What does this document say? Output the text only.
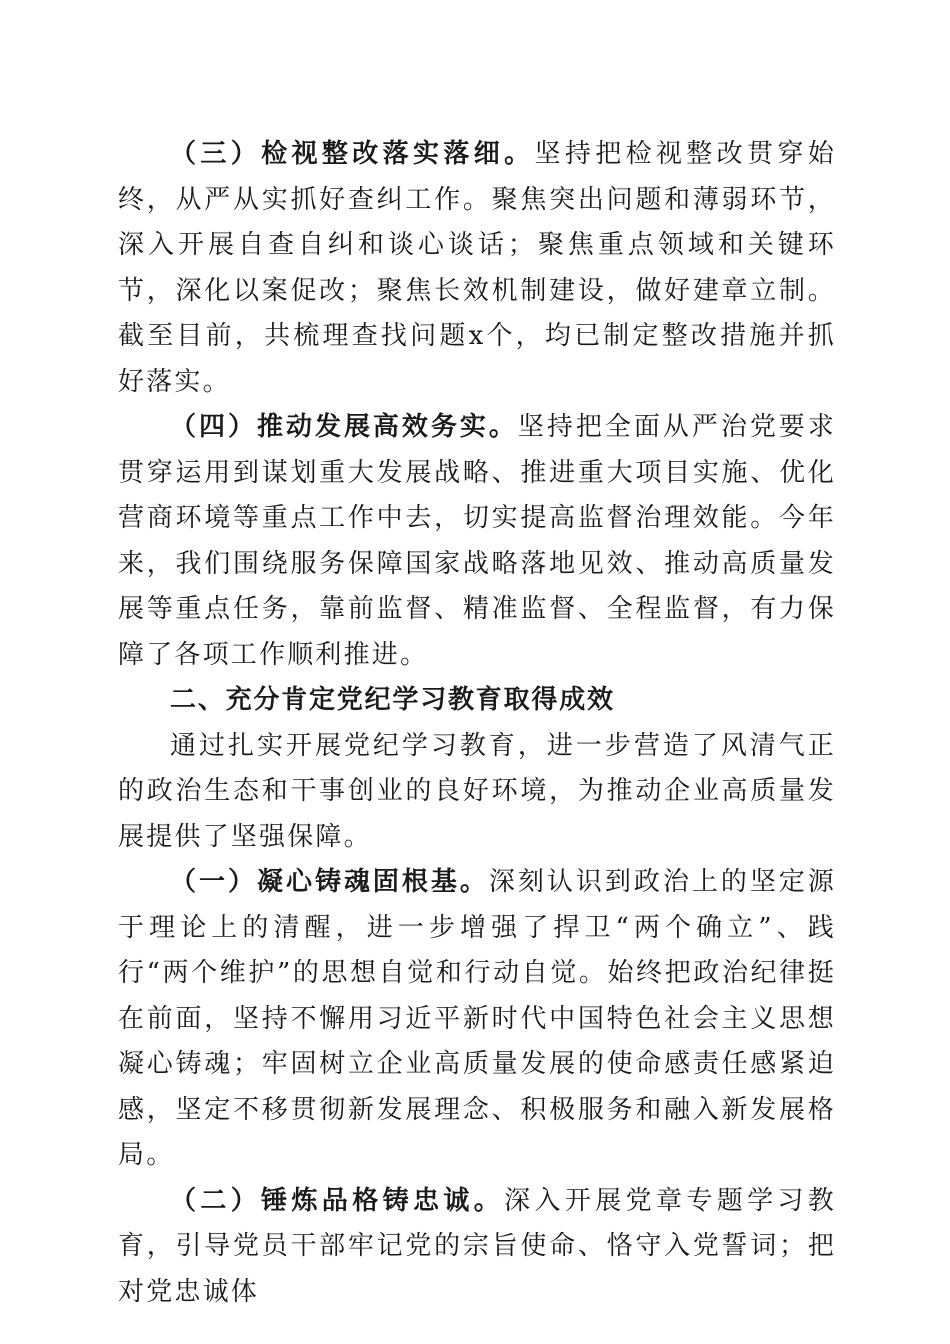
（三）检视整改落实落细。坚持把检视整改贯穿始终，从严从实抓好查纠工作。聚焦突出问题和薄弱环节，深入开展自查自纠和谈心谈话；聚焦重点领域和关键环节，深化以案促改；聚焦长效机制建设，做好建章立制。截至目前，共梳理查找问题x个，均已制定整改措施并抓好落实。

（四）推动发展高效务实。坚持把全面从严治党要求贯穿运用到谋划重大发展战略、推进重大项目实施、优化营商环境等重点工作中去，切实提高监督治理效能。今年来，我们围绕服务保障国家战略落地见效、推动高质量发展等重点任务，靠前监督、精准监督、全程监督，有力保障了各项工作顺利推进。

二、充分肯定党纪学习教育取得成效

通过扎实开展党纪学习教育，进一步营造了风清气正的政治生态和干事创业的良好环境，为推动企业高质量发展提供了坚强保障。

（一）凝心铸魂固根基。深刻认识到政治上的坚定源于理论上的清醒，进一步增强了捍卫“两个确立”、践行“两个维护”的思想自觉和行动自觉。始终把政治纪律挺在前面，坚持不懈用习近平新时代中国特色社会主义思想凝心铸魂；牢固树立企业高质量发展的使命感责任感紧迫感，坚定不移贯彻新发展理念、积极服务和融入新发展格局。

（二）锤炼品格铸忠诚。深入开展党章专题学习教育，引导党员干部牢记党的宗旨使命、恪守入党誓词；把对党忠诚体
